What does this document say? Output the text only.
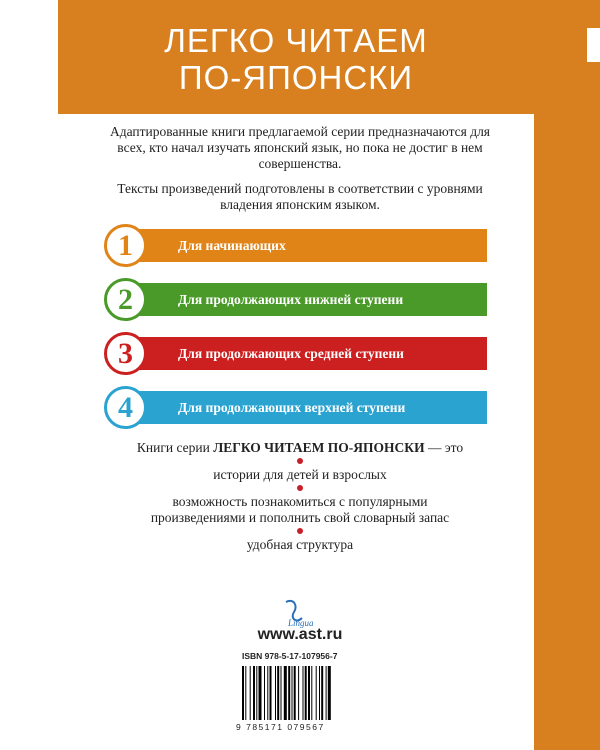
ЛЕГКО ЧИТАЕМ
ПО-ЯПОНСКИ

Адаптированные книги предлагаемой серии предназначаются для всех, кто начал изучать японский язык, но пока не достиг в нем совершенства.

Тексты произведений подготовлены в соответствии с уровнями владения японским языком.

Для начинающих
1
Для продолжающих нижней ступени
2
Для продолжающих средней ступени
3
Для продолжающих верхней ступени
4
Книги серии ЛЕГКО ЧИТАЕМ ПО-ЯПОНСКИ — это

истории для детей и взрослых

возможность познакомиться с популярными произведениями и пополнить свой словарный запас

удобная структура

Lingua
www.ast.ru
ISBN 978-5-17-107956-7
9 785171 079567
